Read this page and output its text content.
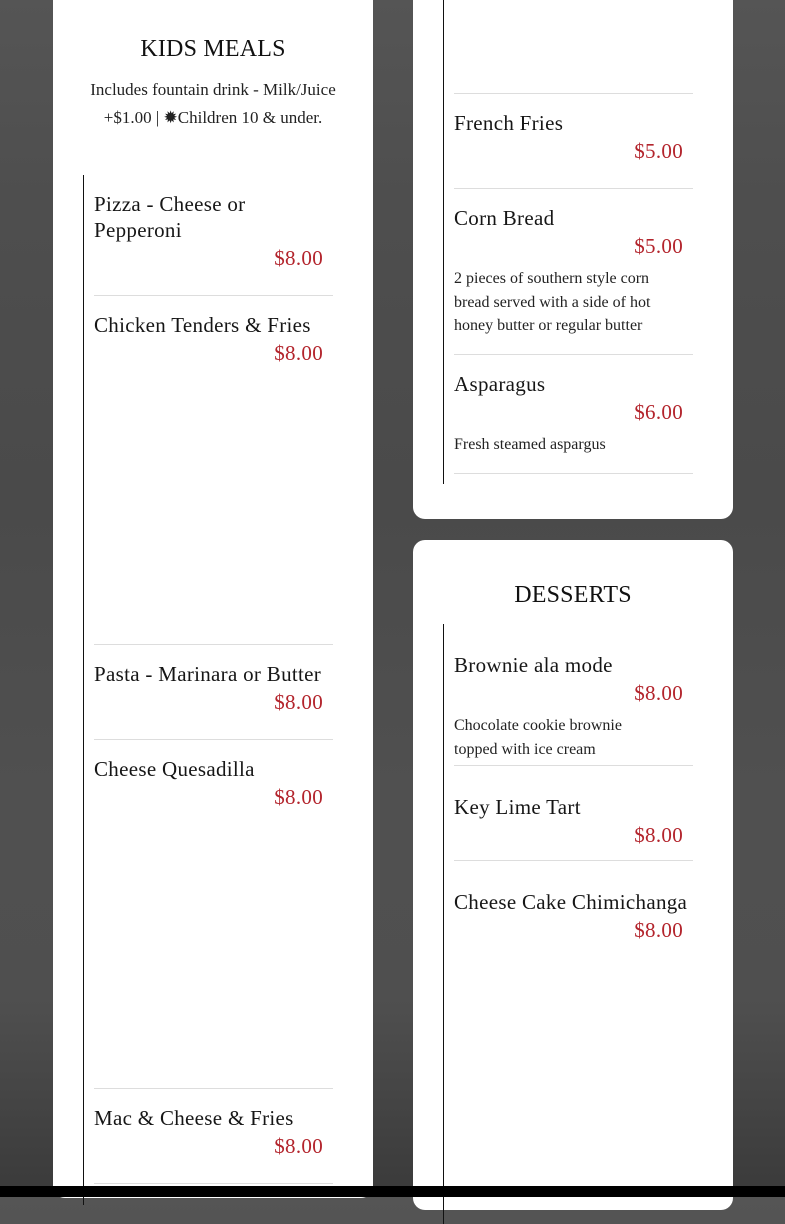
KIDS MEALS
Includes fountain drink - Milk/Juice +$1.00 | ✹Children 10 & under.
Pizza - Cheese or Pepperoni
$8.00
Chicken Tenders & Fries
$8.00
Pasta - Marinara or Butter
$8.00
Cheese Quesadilla
$8.00
Mac & Cheese & Fries
$8.00
French Fries
$5.00
Corn Bread
$5.00
2 pieces of southern style corn bread served with a side of hot honey butter or regular butter
Asparagus
$6.00
Fresh steamed aspargus
DESSERTS
Brownie ala mode
$8.00
Chocolate cookie brownie topped with ice cream
Key Lime Tart
$8.00
Cheese Cake Chimichanga
$8.00
